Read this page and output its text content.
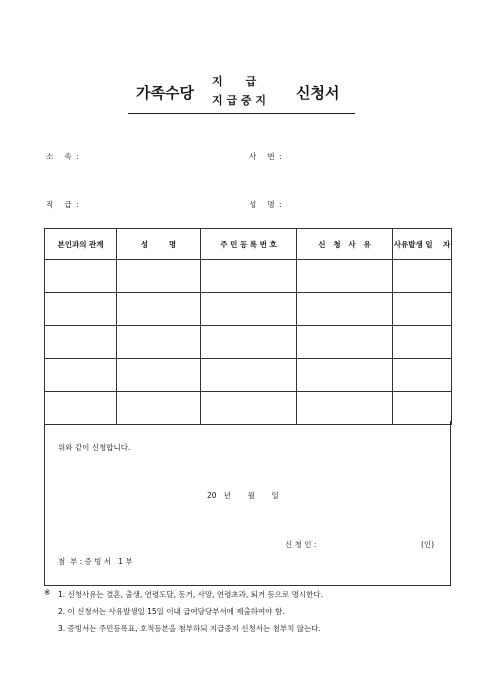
가족수당
지      급
지 급 중 지 신청서
소   속 :	사   번 :
직   급 :	성   명 :
본인과의 관계	성        명	주 민 등 록 번 호	신   청   사   유	사유발생 일    자

위와 같이 신청합니다.
20   년       월       일
신 청 인 :	(인)
첨  부 : 증 빙 서   1 부
※ 1. 신청사유는 결혼, 출생, 연령도달, 동거, 사망, 연령초과, 퇴거 등으로 명시한다.
2. 이 신청서는 사유발생일 15일 이내 급여담당부서에 제출하여야 함.
3. 증빙서는 주민등록표, 호적등본을 첨부하되 지급중지 신청서는 첨부치 않는다.
